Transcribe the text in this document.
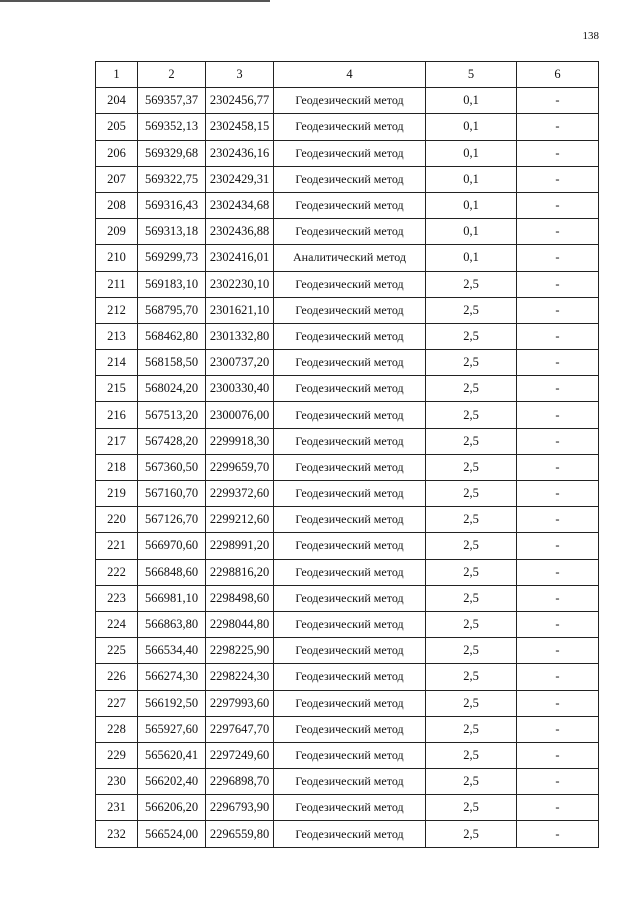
138
1	2	3	4	5	6
204	569357,37	2302456,77	Геодезический метод	0,1	-
205	569352,13	2302458,15	Геодезический метод	0,1	-
206	569329,68	2302436,16	Геодезический метод	0,1	-
207	569322,75	2302429,31	Геодезический метод	0,1	-
208	569316,43	2302434,68	Геодезический метод	0,1	-
209	569313,18	2302436,88	Геодезический метод	0,1	-
210	569299,73	2302416,01	Аналитический метод	0,1	-
211	569183,10	2302230,10	Геодезический метод	2,5	-
212	568795,70	2301621,10	Геодезический метод	2,5	-
213	568462,80	2301332,80	Геодезический метод	2,5	-
214	568158,50	2300737,20	Геодезический метод	2,5	-
215	568024,20	2300330,40	Геодезический метод	2,5	-
216	567513,20	2300076,00	Геодезический метод	2,5	-
217	567428,20	2299918,30	Геодезический метод	2,5	-
218	567360,50	2299659,70	Геодезический метод	2,5	-
219	567160,70	2299372,60	Геодезический метод	2,5	-
220	567126,70	2299212,60	Геодезический метод	2,5	-
221	566970,60	2298991,20	Геодезический метод	2,5	-
222	566848,60	2298816,20	Геодезический метод	2,5	-
223	566981,10	2298498,60	Геодезический метод	2,5	-
224	566863,80	2298044,80	Геодезический метод	2,5	-
225	566534,40	2298225,90	Геодезический метод	2,5	-
226	566274,30	2298224,30	Геодезический метод	2,5	-
227	566192,50	2297993,60	Геодезический метод	2,5	-
228	565927,60	2297647,70	Геодезический метод	2,5	-
229	565620,41	2297249,60	Геодезический метод	2,5	-
230	566202,40	2296898,70	Геодезический метод	2,5	-
231	566206,20	2296793,90	Геодезический метод	2,5	-
232	566524,00	2296559,80	Геодезический метод	2,5	-
